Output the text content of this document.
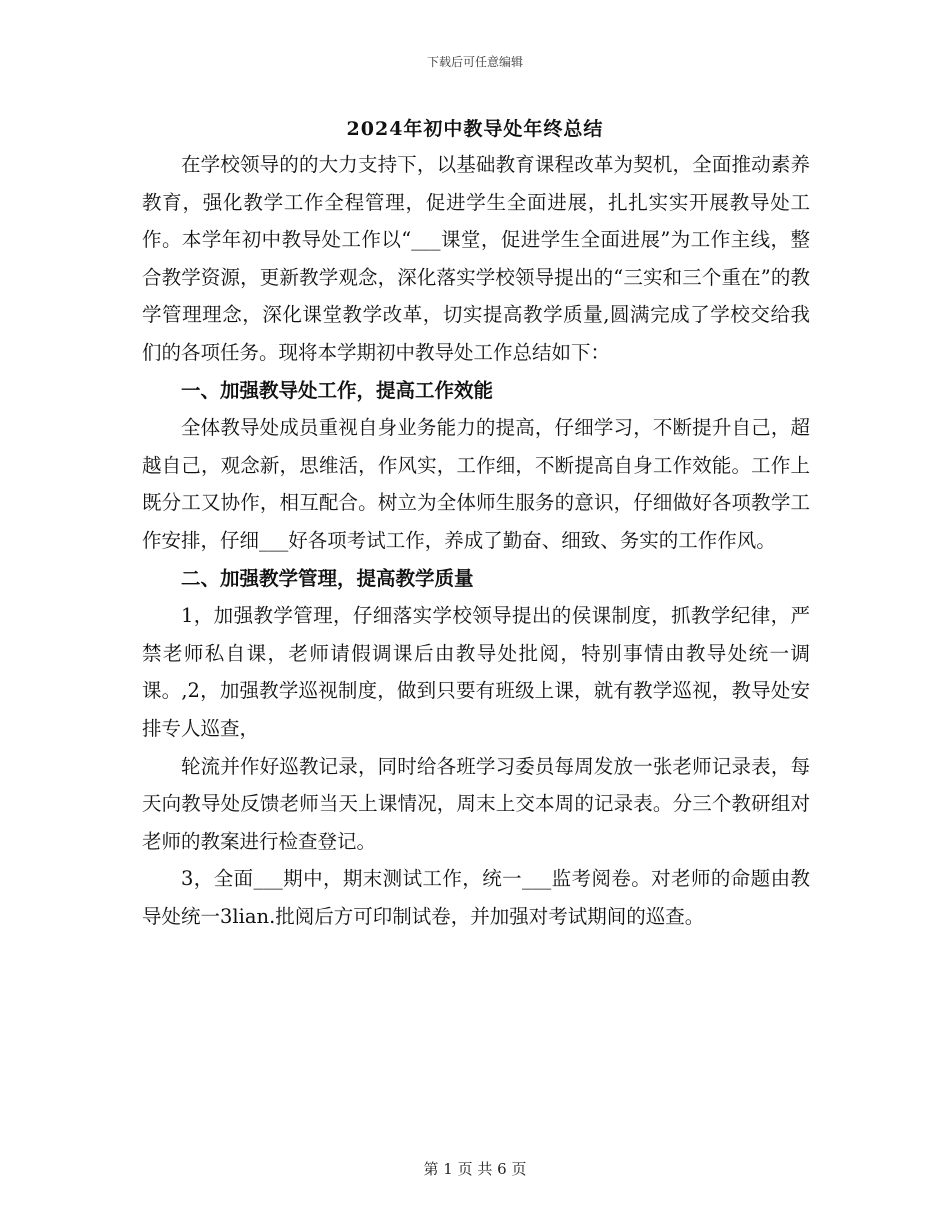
下载后可任意编辑
2024年初中教导处年终总结

在学校领导的的大力支持下，以基础教育课程改革为契机，全面推动素养教育，强化教学工作全程管理，促进学生全面进展，扎扎实实开展教导处工作。本学年初中教导处工作以“___课堂，促进学生全面进展”为工作主线，整合教学资源，更新教学观念，深化落实学校领导提出的“三实和三个重在”的教学管理理念，深化课堂教学改革，切实提高教学质量,圆满完成了学校交给我们的各项任务。现将本学期初中教导处工作总结如下：

一、加强教导处工作，提高工作效能

全体教导处成员重视自身业务能力的提高，仔细学习，不断提升自己，超越自己，观念新，思维活，作风实，工作细，不断提高自身工作效能。工作上既分工又协作，相互配合。树立为全体师生服务的意识，仔细做好各项教学工作安排，仔细___好各项考试工作，养成了勤奋、细致、务实的工作作风。

二、加强教学管理，提高教学质量

1，加强教学管理，仔细落实学校领导提出的侯课制度，抓教学纪律，严禁老师私自课，老师请假调课后由教导处批阅，特别事情由教导处统一调课。,2，加强教学巡视制度，做到只要有班级上课，就有教学巡视，教导处安排专人巡查，

轮流并作好巡教记录，同时给各班学习委员每周发放一张老师记录表，每天向教导处反馈老师当天上课情况，周末上交本周的记录表。分三个教研组对老师的教案进行检查登记。

3，全面___期中，期末测试工作，统一___监考阅卷。对老师的命题由教导处统一3lian.批阅后方可印制试卷，并加强对考试期间的巡查。

第 1 页 共 6 页
